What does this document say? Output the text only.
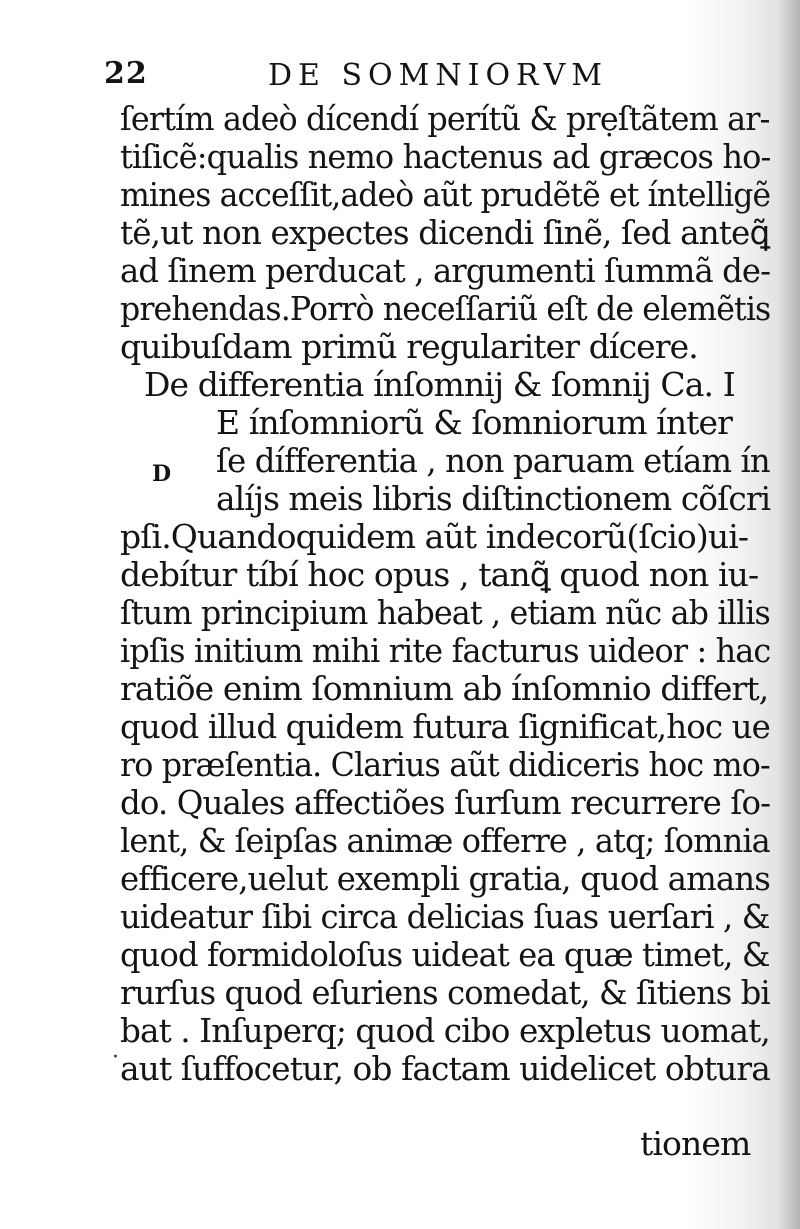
22	DE SOMNIORVM
D
·
ſertím adeò dícendí perítũ & prẹſtãtem ar-
tiſicẽ:qualis nemo hactenus ad græcos ho-
mines acceſſit,adeò aũt prudẽtẽ et íntelligẽ
tẽ,ut non expectes dicendi ſinẽ, ſed anteꝗ̃
ad ſinem perducat , argumenti ſummã de-
prehendas.Porrò neceſſariũ eſt de elemẽtis
quibuſdam primũ regulariter dícere.
De differentia ínſomnij & ſomnij Ca. I
E ínſomniorũ & ſomniorum ínter
ſe dífferentia , non paruam etíam ín
alíjs meis libris diſtinctionem cõſcri
pſi.Quandoquidem aũt indecorũ(ſcio)ui-
debítur tíbí hoc opus , tanꝗ̃ quod non iu-
ſtum principium habeat , etiam nũc ab illis
ipſis initium mihi rite facturus uideor : hac
ratiõe enim ſomnium ab ínſomnio differt,
quod illud quidem futura ſignificat,hoc ue
ro præſentia. Clarius aũt didiceris hoc mo-
do. Quales affectiões ſurſum recurrere ſo-
lent, & ſeipſas animæ offerre , atq; ſomnia
efficere,uelut exempli gratia, quod amans
uideatur ſibi circa delicias ſuas uerſari , &
quod formidoloſus uideat ea quæ timet, &
rurſus quod eſuriens comedat, & ſitiens bi
bat . Inſuperq; quod cibo expletus uomat,
aut ſuffocetur, ob factam uidelicet obtura
tionem
